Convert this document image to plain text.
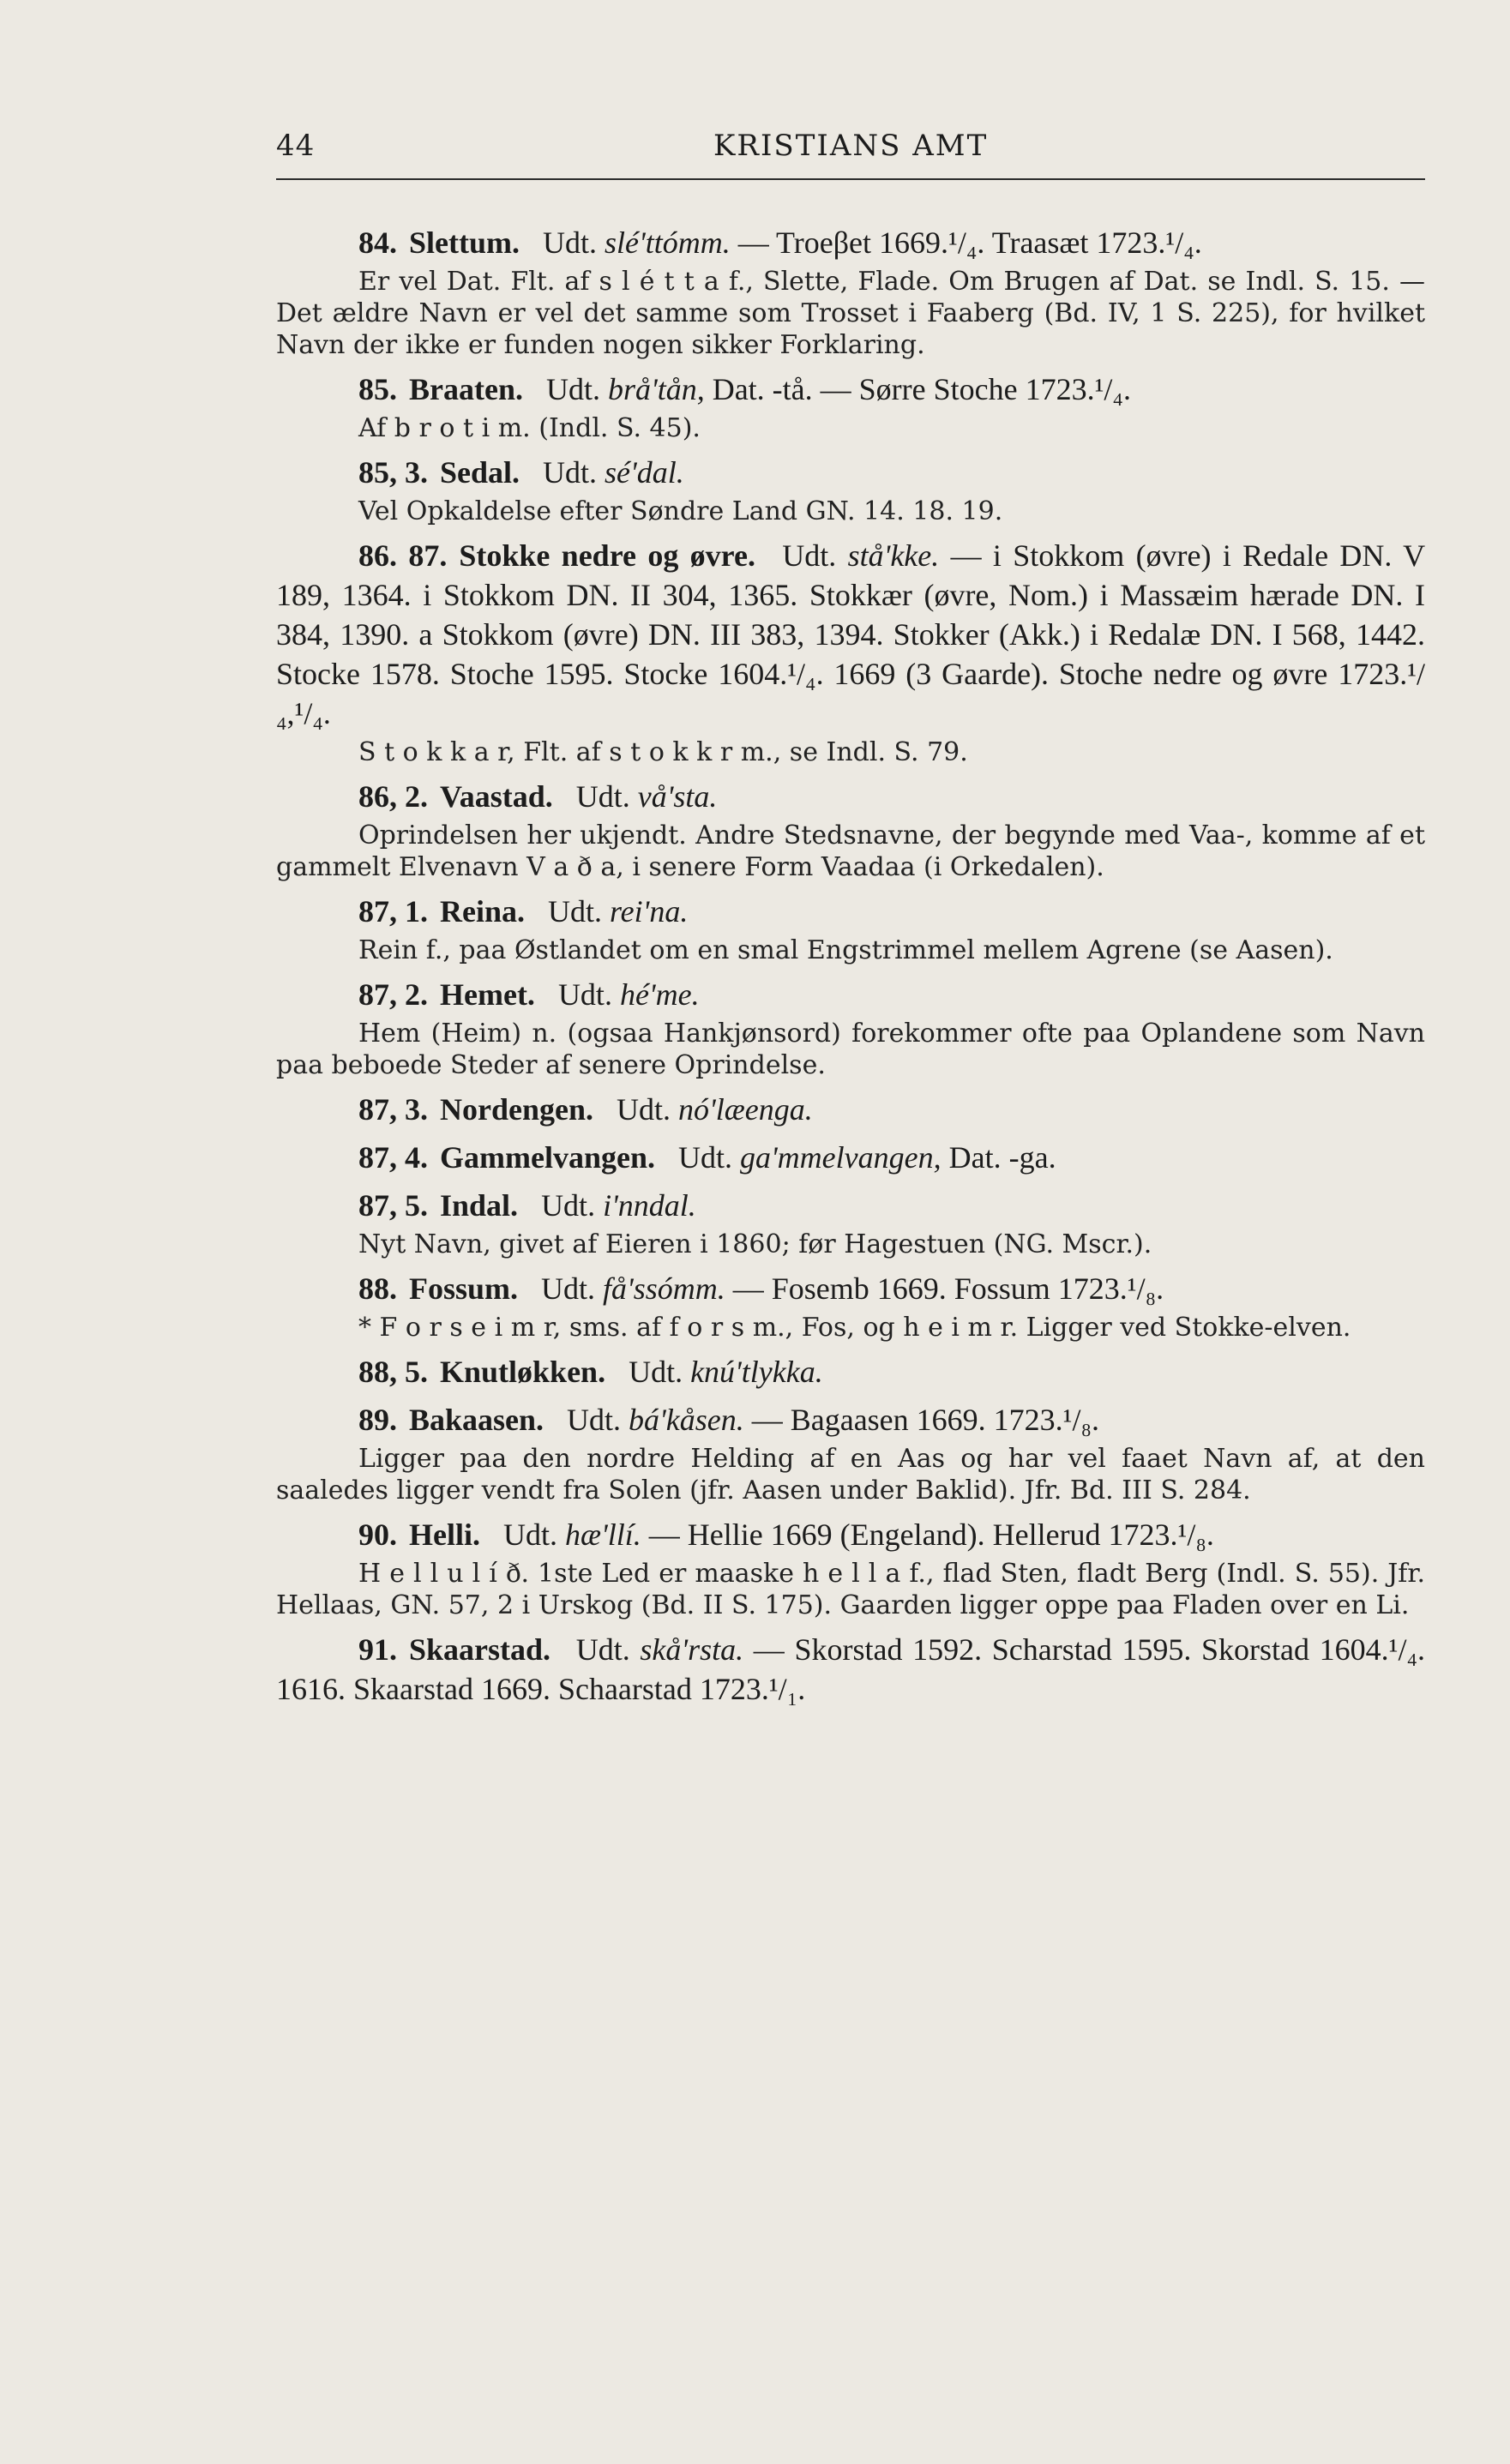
44	KRISTIANS AMT
84. Slettum. Udt. slé'ttómm. — Troeβet 1669.¹/₄. Traasæt 1723.¹/₄.
Er vel Dat. Flt. af s l é t t a f., Slette, Flade. Om Brugen af Dat. se Indl. S. 15. — Det ældre Navn er vel det samme som Trosset i Faaberg (Bd. IV, 1 S. 225), for hvilket Navn der ikke er funden nogen sikker Forklaring.
85. Braaten. Udt. brå'tån, Dat. -tå. — Sørre Stoche 1723.¹/₄.
Af b r o t i m. (Indl. S. 45).
85, 3. Sedal. Udt. sé'dal.
Vel Opkaldelse efter Søndre Land GN. 14. 18. 19.
86. 87. Stokke nedre og øvre. Udt. stå'kke. — i Stokkom (øvre) i Redale DN. V 189, 1364. i Stokkom DN. II 304, 1365. Stokkær (øvre, Nom.) i Massæim hærade DN. I 384, 1390. a Stokkom (øvre) DN. III 383, 1394. Stokker (Akk.) i Redalæ DN. I 568, 1442. Stocke 1578. Stoche 1595. Stocke 1604.¹/₄. 1669 (3 Gaarde). Stoche nedre og øvre 1723.¹/₄,¹/₄.
S t o k k a r, Flt. af s t o k k r m., se Indl. S. 79.
86, 2. Vaastad. Udt. vå'sta.
Oprindelsen her ukjendt. Andre Stedsnavne, der begynde med Vaa-, komme af et gammelt Elvenavn V a ð a, i senere Form Vaadaa (i Orkedalen).
87, 1. Reina. Udt. rei'na.
Rein f., paa Østlandet om en smal Engstrimmel mellem Agrene (se Aasen).
87, 2. Hemet. Udt. hé'me.
Hem (Heim) n. (ogsaa Hankjønsord) forekommer ofte paa Oplandene som Navn paa beboede Steder af senere Oprindelse.
87, 3. Nordengen. Udt. nó'læenga.
87, 4. Gammelvangen. Udt. ga'mmelvangen, Dat. -ga.
87, 5. Indal. Udt. i'nndal.
Nyt Navn, givet af Eieren i 1860; før Hagestuen (NG. Mscr.).
88. Fossum. Udt. få'ssómm. — Fosemb 1669. Fossum 1723.¹/₈.
* F o r s e i m r, sms. af f o r s m., Fos, og h e i m r. Ligger ved Stokke-elven.
88, 5. Knutløkken. Udt. knú'tlykka.
89. Bakaasen. Udt. bá'kåsen. — Bagaasen 1669. 1723.¹/₈.
Ligger paa den nordre Helding af en Aas og har vel faaet Navn af, at den saaledes ligger vendt fra Solen (jfr. Aasen under Baklid). Jfr. Bd. III S. 284.
90. Helli. Udt. hæ'llí. — Hellie 1669 (Engeland). Hellerud 1723.¹/₈.
H e l l u l í ð. 1ste Led er maaske h e l l a f., flad Sten, fladt Berg (Indl. S. 55). Jfr. Hellaas, GN. 57, 2 i Urskog (Bd. II S. 175). Gaarden ligger oppe paa Fladen over en Li.
91. Skaarstad. Udt. skå'rsta. — Skorstad 1592. Scharstad 1595. Skorstad 1604.¹/₄. 1616. Skaarstad 1669. Schaarstad 1723.¹/₁.
